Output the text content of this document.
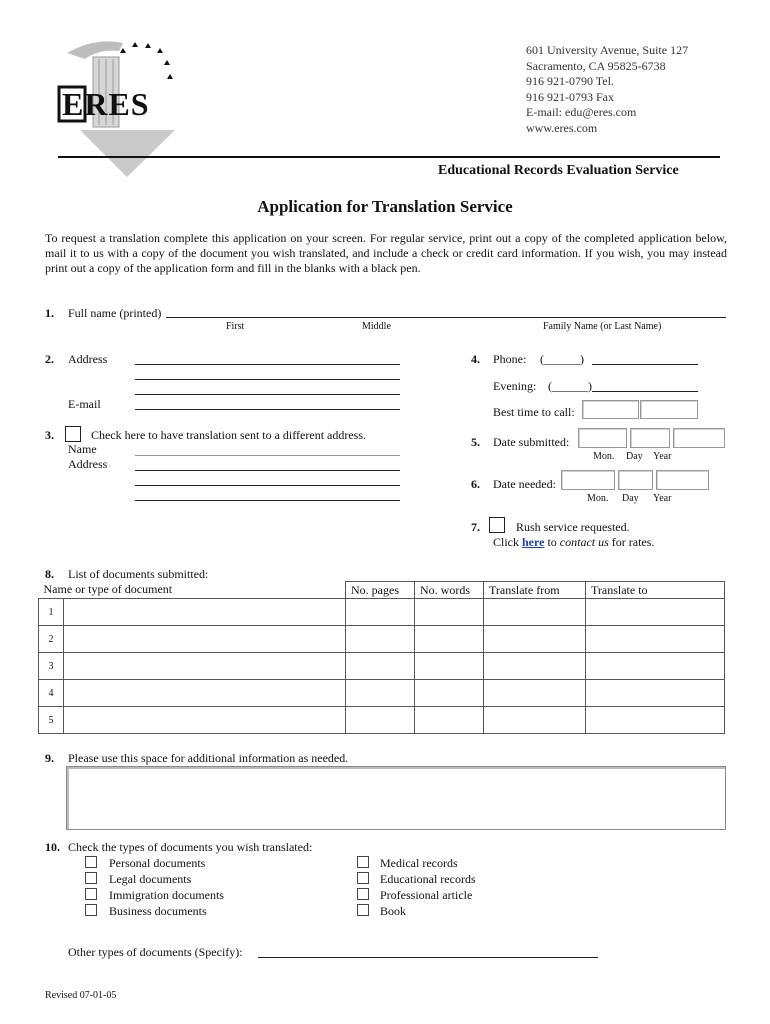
ERES
601 University Avenue, Suite 127
Sacramento, CA 95825-6738
916 921-0790 Tel.
916 921-0793 Fax
E-mail: edu@eres.com
www.eres.com
Educational Records Evaluation Service
Application for Translation Service
To request a translation complete this application on your screen. For regular service, print out a copy of the completed application below, mail it to us with a copy of the document you wish translated, and include a check or credit card information. If you wish, you may instead print out a copy of the application form and fill in the blanks with a black pen.
1. Full name (printed)
First	Middle	Family Name (or Last Name)
2. Address
E-mail
3.	Check here to have translation sent to a different address.
Name
Address
4. Phone: (______)
Evening: (______)
Best time to call:
5. Date submitted:
Mon. Day Year
6. Date needed:
Mon. Day Year
7.	Rush service requested.
Click here to contact us for rates.
8. List of documents submitted:
Name or type of document		No. pages	No. words	Translate from	Translate to
1					
2					
3					
4					
5					
9. Please use this space for additional information as needed.
10. Check the types of documents you wish translated:
Personal documents
Legal documents
Immigration documents
Business documents
Medical records
Educational records
Professional article
Book
Other types of documents (Specify):
Revised 07-01-05
